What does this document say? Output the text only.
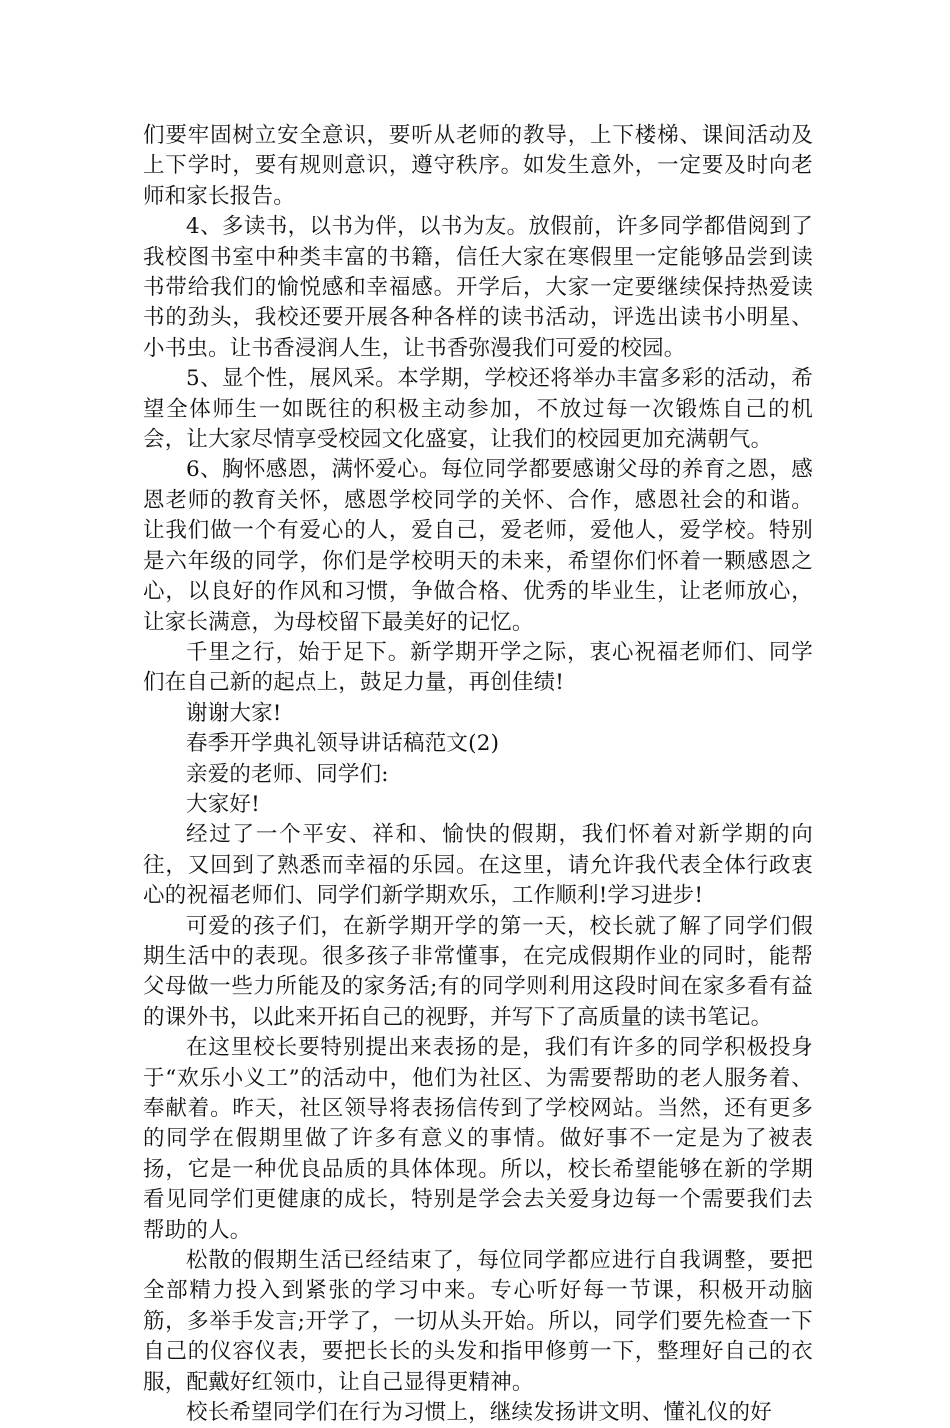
们要牢固树立安全意识，要听从老师的教导，上下楼梯、课间活动及上下学时，要有规则意识，遵守秩序。如发生意外，一定要及时向老师和家长报告。

4、多读书，以书为伴，以书为友。放假前，许多同学都借阅到了我校图书室中种类丰富的书籍，信任大家在寒假里一定能够品尝到读书带给我们的愉悦感和幸福感。开学后，大家一定要继续保持热爱读书的劲头，我校还要开展各种各样的读书活动，评选出读书小明星、小书虫。让书香浸润人生，让书香弥漫我们可爱的校园。

5、显个性，展风采。本学期，学校还将举办丰富多彩的活动，希望全体师生一如既往的积极主动参加，不放过每一次锻炼自己的机会，让大家尽情享受校园文化盛宴，让我们的校园更加充满朝气。

6、胸怀感恩，满怀爱心。每位同学都要感谢父母的养育之恩，感恩老师的教育关怀，感恩学校同学的关怀、合作，感恩社会的和谐。让我们做一个有爱心的人，爱自己，爱老师，爱他人，爱学校。特别是六年级的同学，你们是学校明天的未来，希望你们怀着一颗感恩之心，以良好的作风和习惯，争做合格、优秀的毕业生，让老师放心，让家长满意，为母校留下最美好的记忆。

千里之行，始于足下。新学期开学之际，衷心祝福老师们、同学们在自己新的起点上，鼓足力量，再创佳绩!

谢谢大家!

春季开学典礼领导讲话稿范文(2)

亲爱的老师、同学们:

大家好!

经过了一个平安、祥和、愉快的假期，我们怀着对新学期的向往，又回到了熟悉而幸福的乐园。在这里，请允许我代表全体行政衷心的祝福老师们、同学们新学期欢乐，工作顺利!学习进步!

可爱的孩子们，在新学期开学的第一天，校长就了解了同学们假期生活中的表现。很多孩子非常懂事，在完成假期作业的同时，能帮父母做一些力所能及的家务活;有的同学则利用这段时间在家多看有益的课外书，以此来开拓自己的视野，并写下了高质量的读书笔记。

在这里校长要特别提出来表扬的是，我们有许多的同学积极投身于“欢乐小义工”的活动中，他们为社区、为需要帮助的老人服务着、奉献着。昨天，社区领导将表扬信传到了学校网站。当然，还有更多的同学在假期里做了许多有意义的事情。做好事不一定是为了被表扬，它是一种优良品质的具体体现。所以，校长希望能够在新的学期看见同学们更健康的成长，特别是学会去关爱身边每一个需要我们去帮助的人。

松散的假期生活已经结束了，每位同学都应进行自我调整，要把全部精力投入到紧张的学习中来。专心听好每一节课，积极开动脑筋，多举手发言;开学了，一切从头开始。所以，同学们要先检查一下自己的仪容仪表，要把长长的头发和指甲修剪一下，整理好自己的衣服，配戴好红领巾，让自己显得更精神。

校长希望同学们在行为习惯上，继续发扬讲文明、懂礼仪的好
